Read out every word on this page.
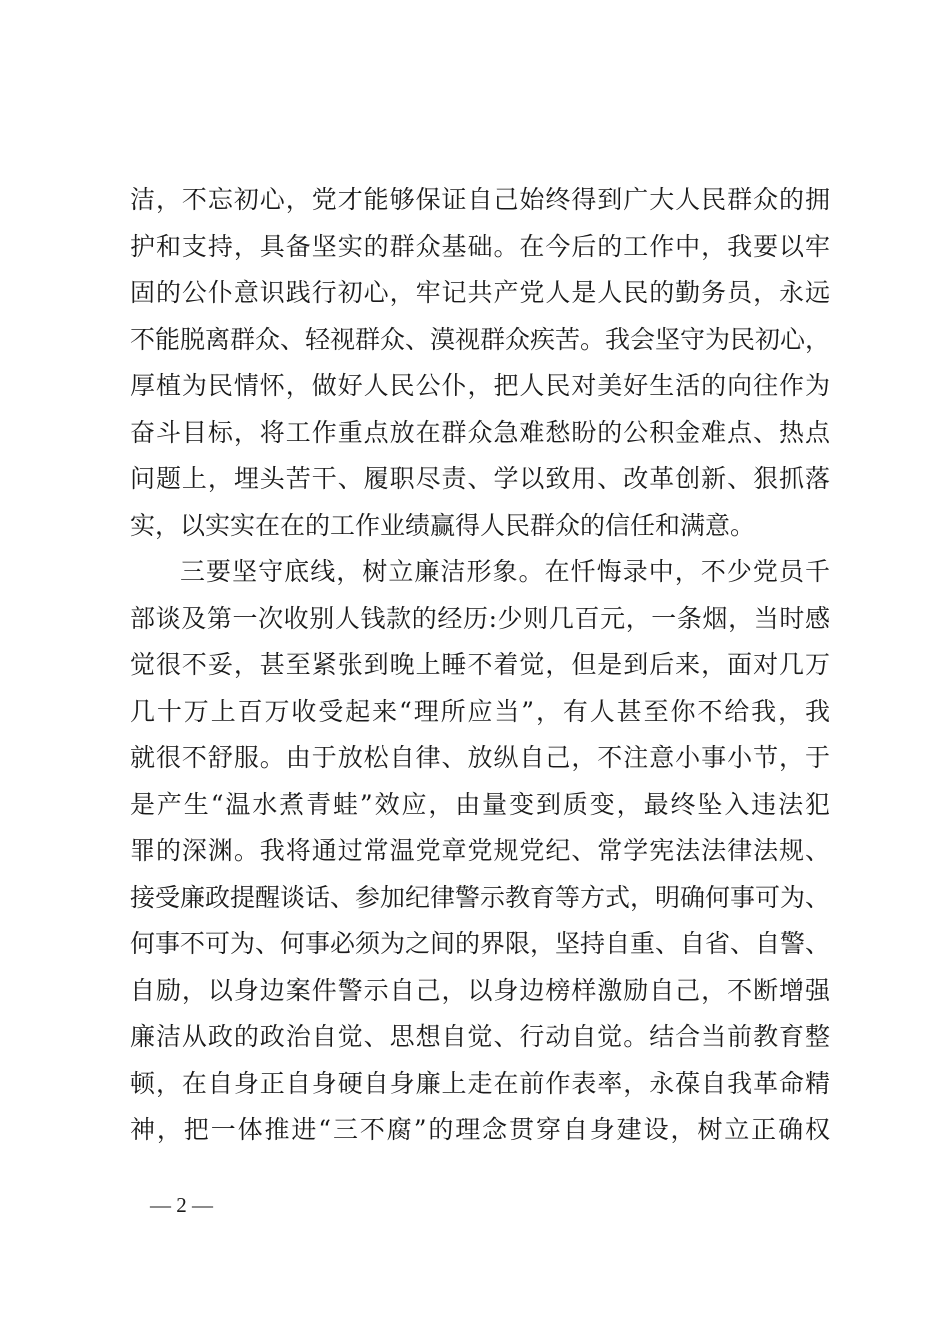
洁，不忘初心，党才能够保证自己始终得到广大人民群众的拥
护和支持，具备坚实的群众基础。在今后的工作中，我要以牢
固的公仆意识践行初心，牢记共产党人是人民的勤务员，永远
不能脱离群众、轻视群众、漠视群众疾苦。我会坚守为民初心，
厚植为民情怀，做好人民公仆，把人民对美好生活的向往作为
奋斗目标，将工作重点放在群众急难愁盼的公积金难点、热点
问题上，埋头苦干、履职尽责、学以致用、改革创新、狠抓落
实，以实实在在的工作业绩赢得人民群众的信任和满意。
三要坚守底线，树立廉洁形象。在忏悔录中，不少党员千
部谈及第一次收别人钱款的经历:少则几百元，一条烟，当时感
觉很不妥，甚至紧张到晚上睡不着觉，但是到后来，面对几万
几十万上百万收受起来“理所应当”，有人甚至你不给我，我
就很不舒服。由于放松自律、放纵自己，不注意小事小节，于
是产生“温水煮青蛙”效应，由量变到质变，最终坠入违法犯
罪的深渊。我将通过常温党章党规党纪、常学宪法法律法规、
接受廉政提醒谈话、参加纪律警示教育等方式，明确何事可为、
何事不可为、何事必须为之间的界限，坚持自重、自省、自警、
自励，以身边案件警示自己，以身边榜样激励自己，不断增强
廉洁从政的政治自觉、思想自觉、行动自觉。结合当前教育整
顿，在自身正自身硬自身廉上走在前作表率，永葆自我革命精
神，把一体推进“三不腐”的理念贯穿自身建设，树立正确权
— 2 —
